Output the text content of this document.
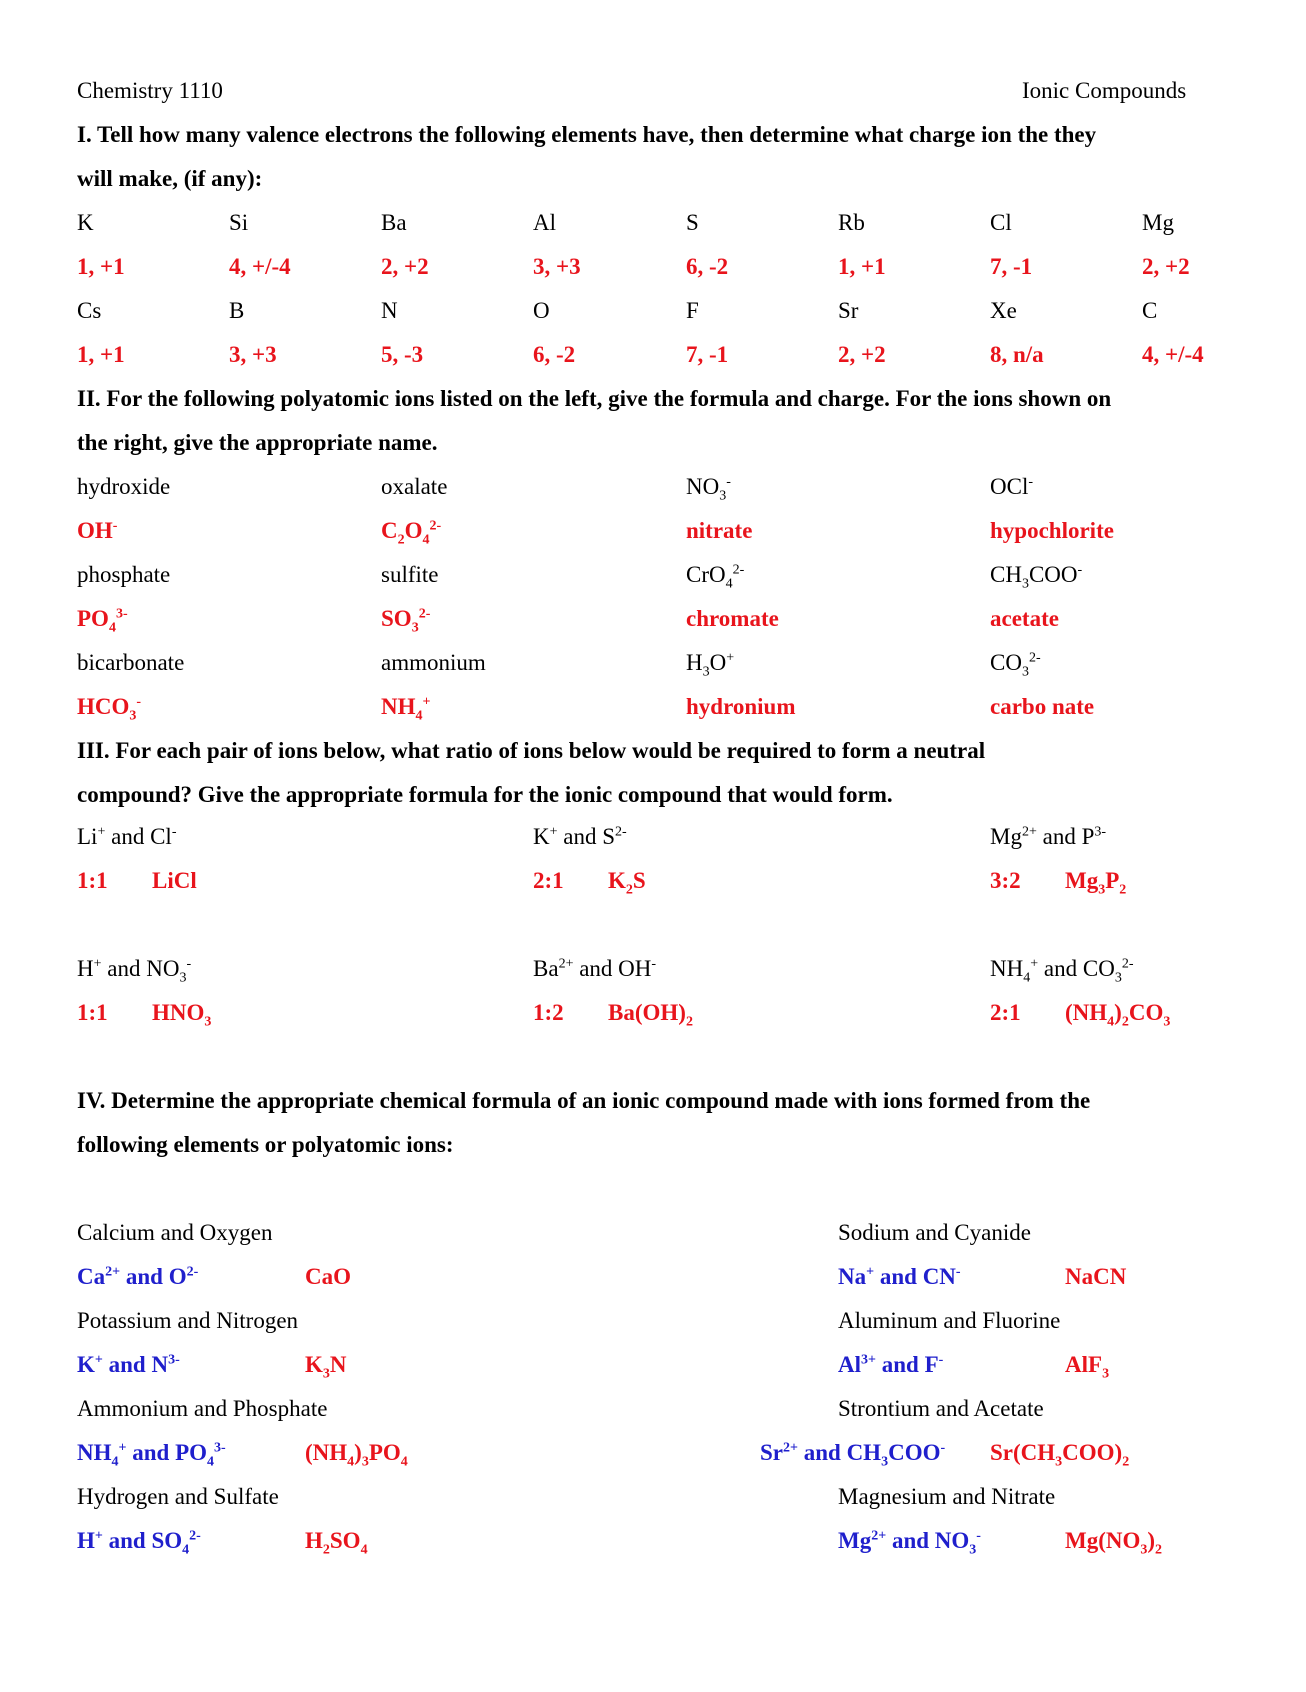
Chemistry 1110	Ionic Compounds
I. Tell how many valence electrons the following elements have, then determine what charge ion the they
will make, (if any):
K	Si	Ba	Al	S	Rb	Cl	Mg
1, +1	4, +/-4	2, +2	3, +3	6, -2	1, +1	7, -1	2, +2
Cs	B	N	O	F	Sr	Xe	C
1, +1	3, +3	5, -3	6, -2	7, -1	2, +2	8, n/a	4, +/-4
II. For the following polyatomic ions listed on the left, give the formula and charge. For the ions shown on
the right, give the appropriate name.
hydroxide	oxalate	$NO_3^-$	OCl-
OH-	$C_2O_4^{2-}$	nitrate	hypochlorite
phosphate	sulfite	CrO$_4^{2-}$	$CH_3COO^-$
$PO_4^{3-}$	$SO_3^{2-}$	chromate	acetate
bicarbonate	ammonium	$H_3O^+$	$CO_3^{2-}$
$HCO_3^-$	$NH_4^+$	hydronium	carbo nate
III. For each pair of ions below, what ratio of ions below would be required to form a neutral
compound? Give the appropriate formula for the ionic compound that would form.
Li+ and Cl-	K+ and $S^{2-}$	$Mg^{2+}$ and $P^{3-}$
1:1 LiCl	2:1 $K_2S$	3:2 $Mg_3P_2$
H+ and $NO_3^-$	$Ba^{2+}$ and OH-	$NH_4^+$ and $CO_3^{2-}$
1:1 $HNO_3$	1:2 $Ba(OH)_2$	2:1 $(NH_4)_2CO_3$
IV. Determine the appropriate chemical formula of an ionic compound made with ions formed from the
following elements or polyatomic ions:
Calcium and Oxygen
$Ca^{2+}$ and $O^{2-}$	CaO
Potassium and Nitrogen
K+ and $N^{3-}$	$K_3N$
Ammonium and Phosphate
$NH_4^+$ and $PO_4^{3-}$	$(NH_4)_3PO_4$
Hydrogen and Sulfate
H+ and $SO_4^{2-}$	$H_2SO_4$
Sodium and Cyanide
Na+ and CN-	NaCN
Aluminum and Fluorine
$Al^{3+}$ and F-	AlF$_3$
Strontium and Acetate
$Sr^{2+}$ and $CH_3COO^-$ $Sr(CH_3COO)_2$
Magnesium and Nitrate
$Mg^{2+}$ and $NO_3^-$	$Mg(NO_3)_2$
